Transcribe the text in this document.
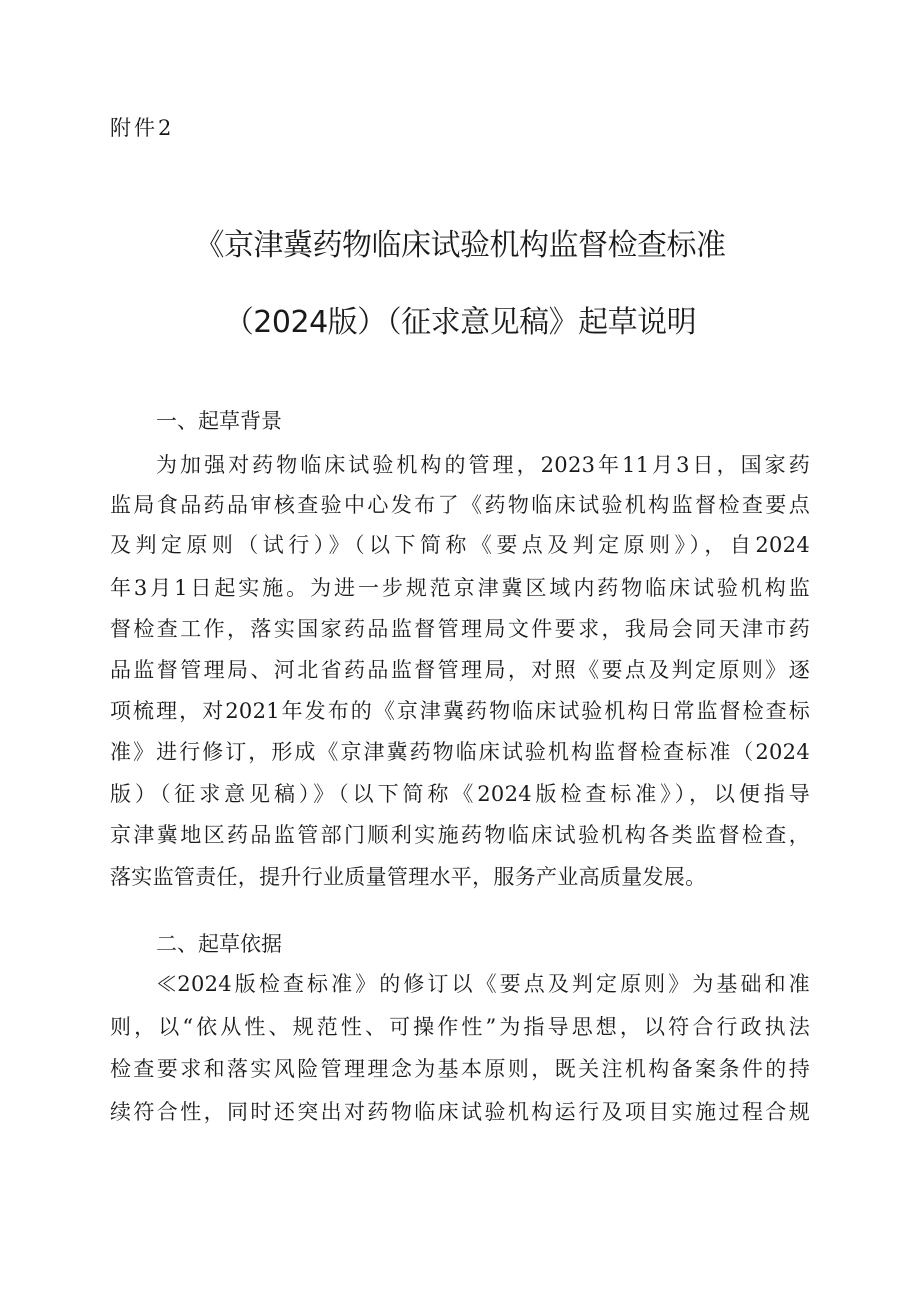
附件2
《京津冀药物临床试验机构监督检查标准
（2024版）（征求意见稿》起草说明
一、起草背景
为加强对药物临床试验机构的管理，2023年11月3日，国家药
监局食品药品审核查验中心发布了《药物临床试验机构监督检查要点
及判定原则（试行）》（以下简称《要点及判定原则》），自2024
年3月1日起实施。为进一步规范京津冀区域内药物临床试验机构监
督检查工作，落实国家药品监督管理局文件要求，我局会同天津市药
品监督管理局、河北省药品监督管理局，对照《要点及判定原则》逐
项梳理，对2021年发布的《京津冀药物临床试验机构日常监督检查标
准》进行修订，形成《京津冀药物临床试验机构监督检查标准（2024
版）（征求意见稿）》（以下简称《2024版检查标准》），以便指导
京津冀地区药品监管部门顺利实施药物临床试验机构各类监督检查，
落实监管责任，提升行业质量管理水平，服务产业高质量发展。
二、起草依据
≪2024版检查标准》的修订以《要点及判定原则》为基础和准
则，以“依从性、规范性、可操作性”为指导思想，以符合行政执法
检查要求和落实风险管理理念为基本原则，既关注机构备案条件的持
续符合性，同时还突出对药物临床试验机构运行及项目实施过程合规
